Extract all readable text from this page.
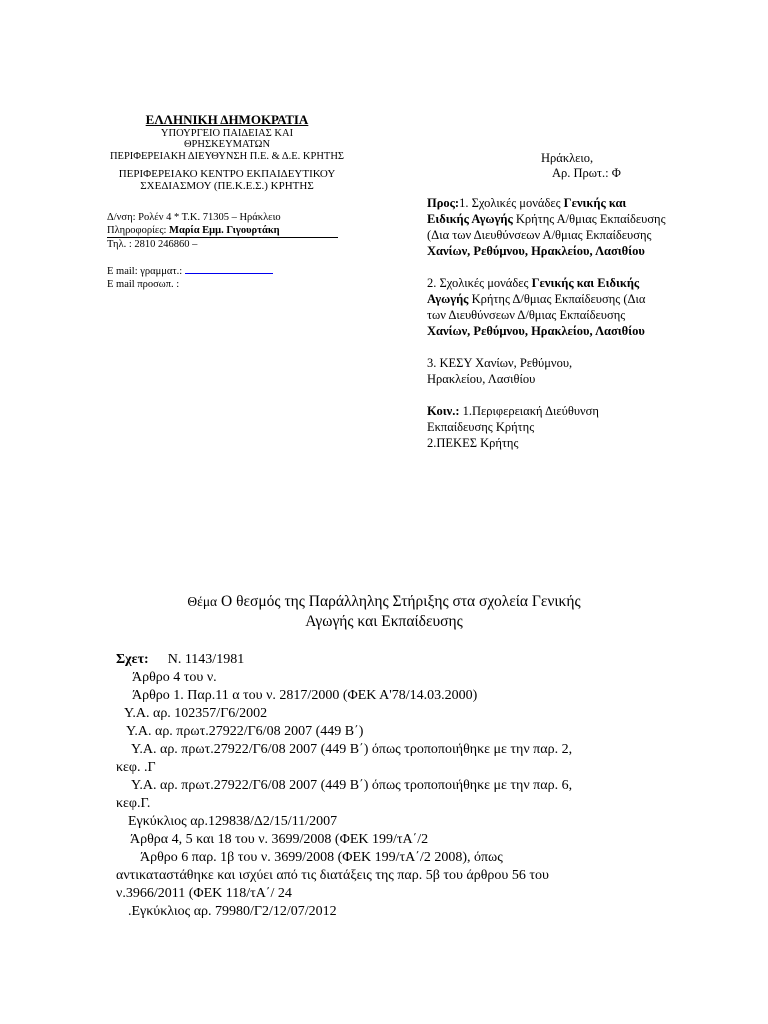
ΕΛΛΗΝΙΚΗ ΔΗΜΟΚΡΑΤΙΑ
ΥΠΟΥΡΓΕΙΟ ΠΑΙΔΕΙΑΣ ΚΑΙ
ΘΡΗΣΚΕΥΜΑΤΩΝ
ΠΕΡΙΦΕΡΕΙΑΚΗ ΔΙΕΥΘΥΝΣΗ Π.Ε. & Δ.Ε. ΚΡΗΤΗΣ
ΠΕΡΙΦΕΡΕΙΑΚΟ ΚΕΝΤΡΟ ΕΚΠΑΙΔΕΥΤΙΚΟΥ
ΣΧΕΔΙΑΣΜΟΥ (ΠΕ.Κ.Ε.Σ.) ΚΡΗΤΗΣ
Δ/νση: Ρολέν 4 * Τ.Κ. 71305 – Ηράκλειο
Πληροφορίες: Μαρία Εμμ. Γιγουρτάκη
Τηλ. : 2810 246860 –
E mail: γραμματ.:
E mail προσωπ. :
Ηράκλειο,
Αρ. Πρωτ.: Φ
Προς:1. Σχολικές μονάδες Γενικής και Ειδικής Αγωγής Κρήτης Α/θμιας Εκπαίδευσης (Δια των Διευθύνσεων Α/θμιας Εκπαίδευσης Χανίων, Ρεθύμνου, Ηρακλείου, Λασιθίου
2. Σχολικές μονάδες Γενικής και Ειδικής Αγωγής Κρήτης Δ/θμιας Εκπαίδευσης (Δια των Διευθύνσεων Δ/θμιας Εκπαίδευσης Χανίων, Ρεθύμνου, Ηρακλείου, Λασιθίου
3. ΚΕΣΥ Χανίων, Ρεθύμνου, Ηρακλείου, Λασιθίου
Κοιν.: 1.Περιφερειακή Διεύθυνση Εκπαίδευσης Κρήτης
2.ΠΕΚΕΣ Κρήτης
Θέμα Ο θεσμός της Παράλληλης Στήριξης στα σχολεία Γενικής
Αγωγής και Εκπαίδευσης
Σχετ: N. 1143/1981
Άρθρο 4 του ν.
Άρθρο 1. Παρ.11 α του ν. 2817/2000 (ΦΕΚ Α'78/14.03.2000)
Υ.Α. αρ. 102357/Γ6/2002
Υ.Α. αρ. πρωτ.27922/Γ6/08 2007 (449 Β΄)
Υ.Α. αρ. πρωτ.27922/Γ6/08 2007 (449 Β΄) όπως τροποποιήθηκε με την παρ. 2,
κεφ. .Γ
Υ.Α. αρ. πρωτ.27922/Γ6/08 2007 (449 Β΄) όπως τροποποιήθηκε με την παρ. 6,
κεφ.Γ.
Εγκύκλιος αρ.129838/Δ2/15/11/2007
Άρθρα 4, 5 και 18 του ν. 3699/2008 (ΦΕΚ 199/τΑ΄/2
Άρθρο 6 παρ. 1β του ν. 3699/2008 (ΦΕΚ 199/τΑ΄/2 2008), όπως
αντικαταστάθηκε και ισχύει από τις διατάξεις της παρ. 5β του άρθρου 56 του
ν.3966/2011 (ΦΕΚ 118/τΑ΄/ 24
.Εγκύκλιος αρ. 79980/Γ2/12/07/2012
